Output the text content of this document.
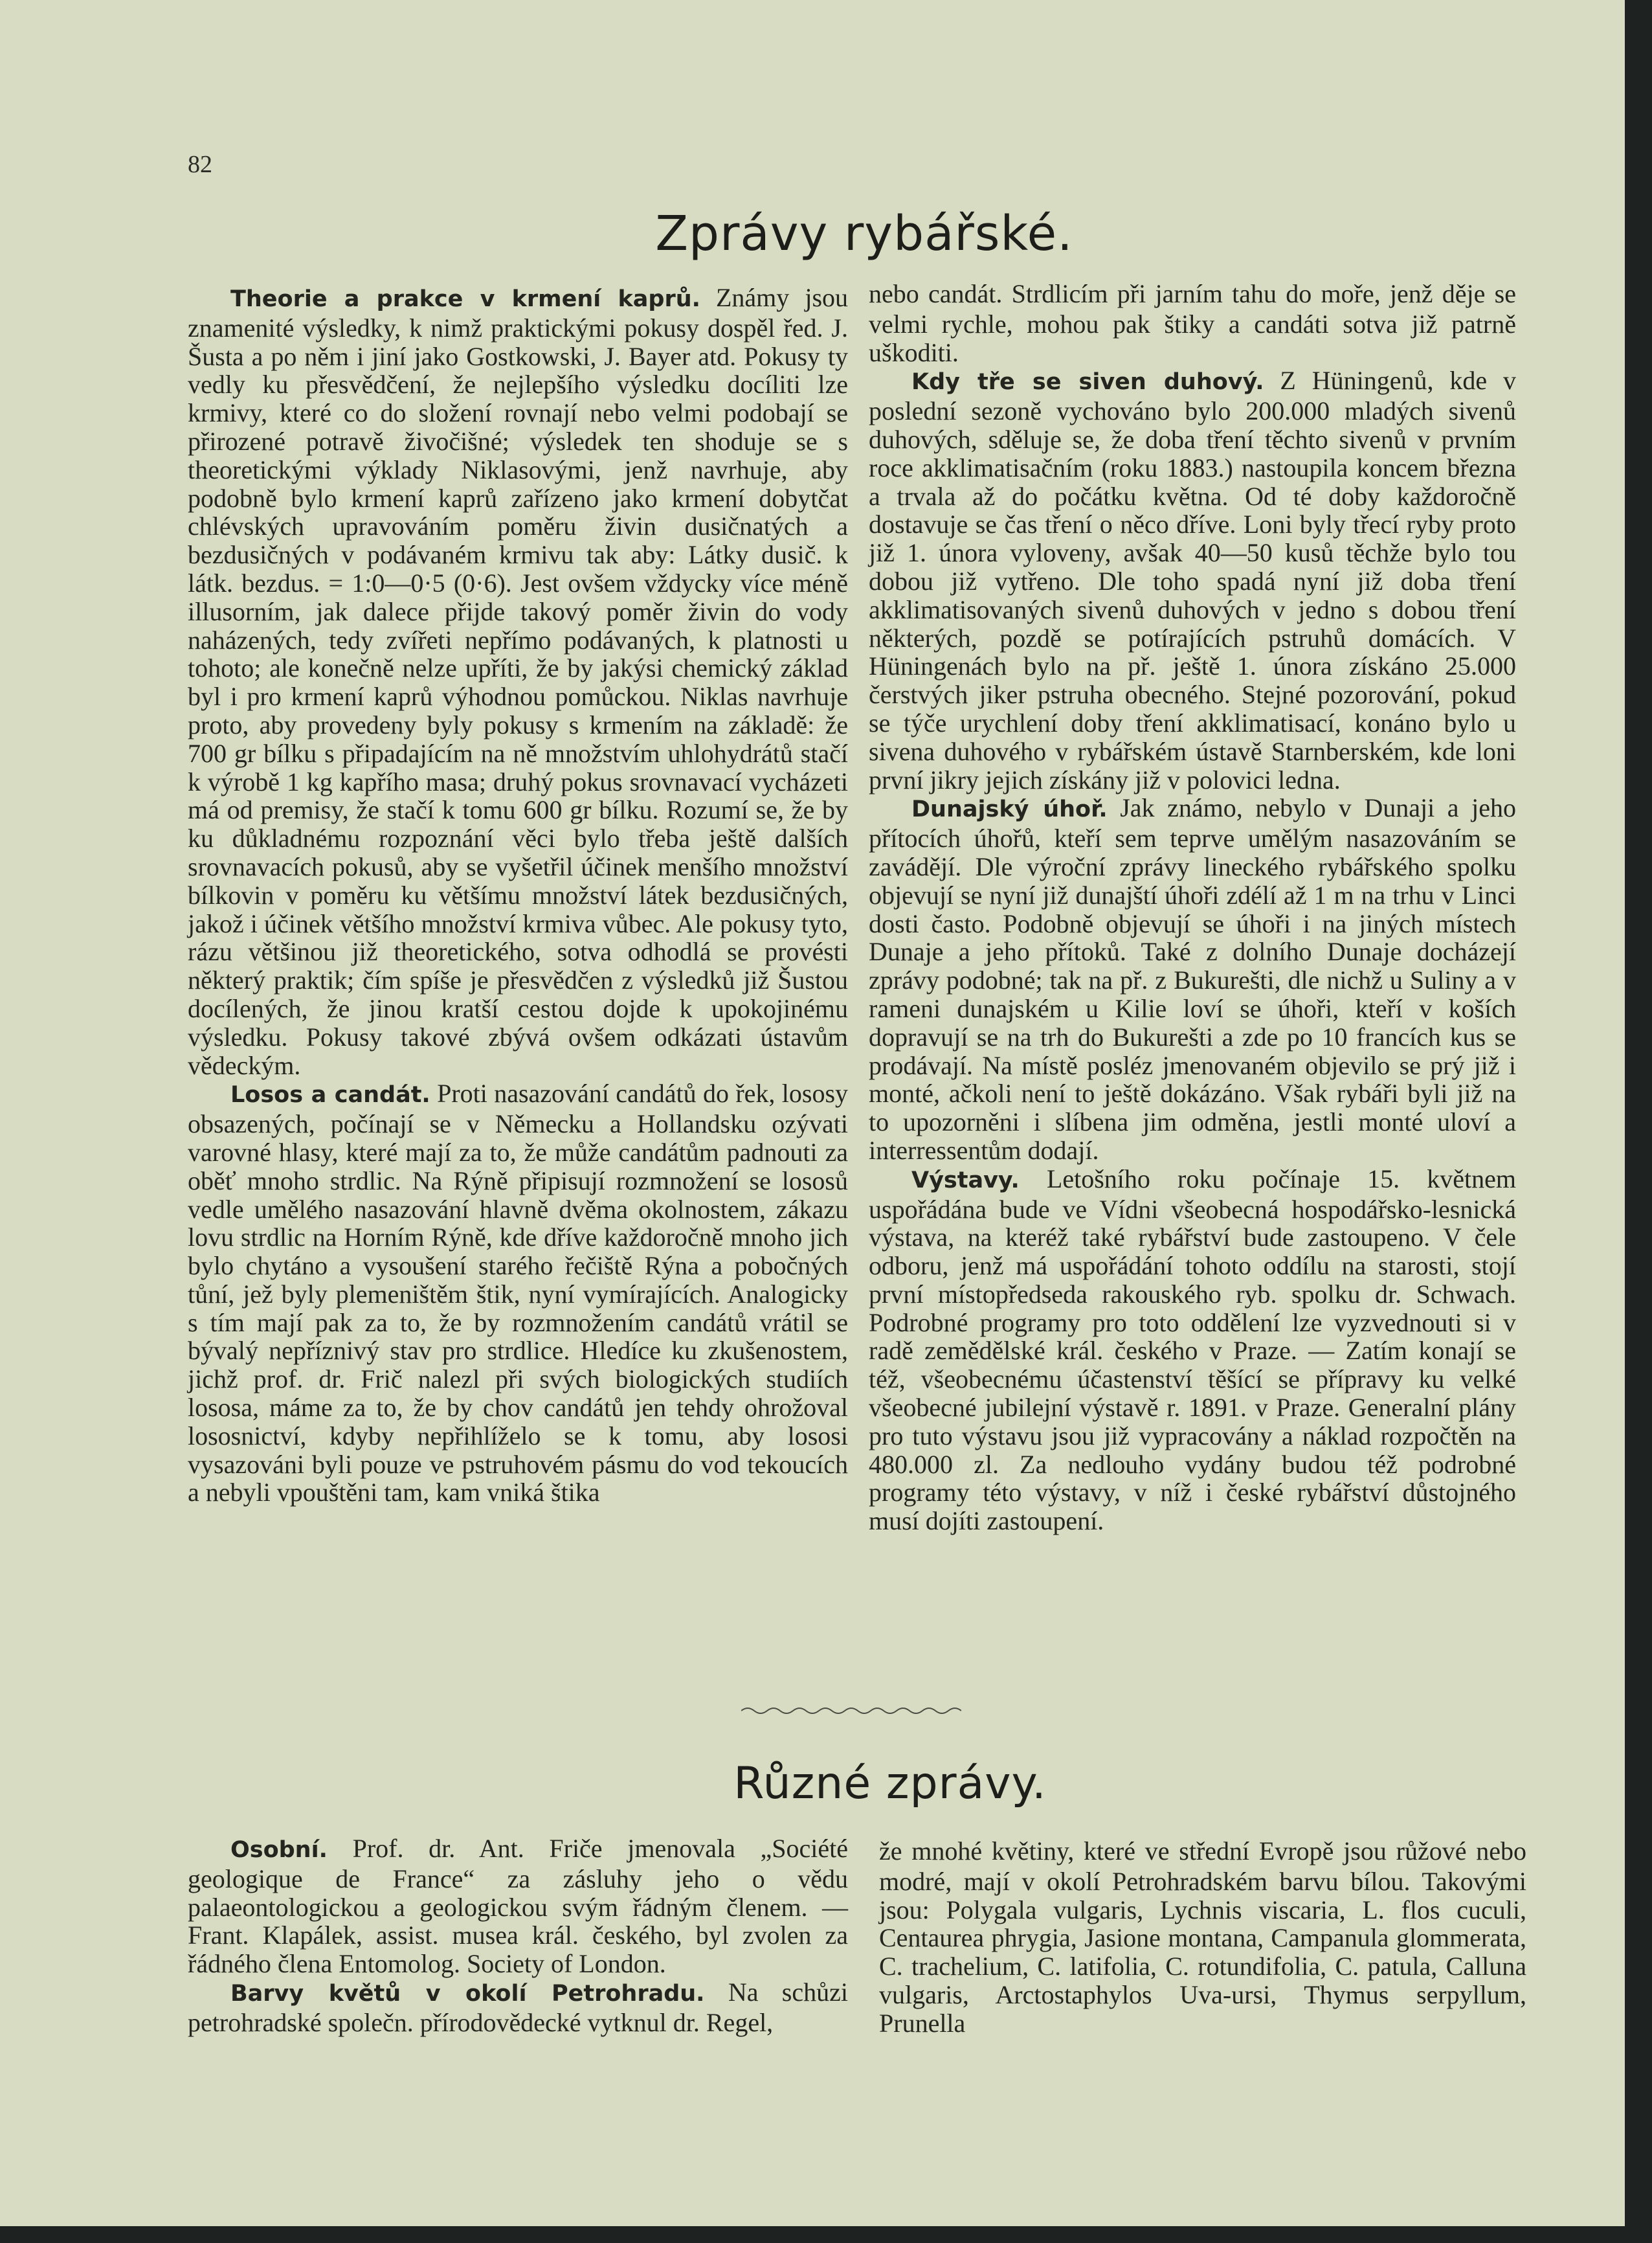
82
Zprávy rybářské.

Theorie a prakce v krmení kaprů. Známy jsou znamenité výsledky, k nimž praktickými pokusy dospěl řed. J. Šusta a po něm i jiní jako Gostkowski, J. Bayer atd. Pokusy ty vedly ku přesvědčení, že nejlepšího výsledku docíliti lze krmivy, které co do složení rovnají nebo velmi podobají se přirozené potravě živočišné; výsledek ten shoduje se s theoretickými výklady Niklasovými, jenž navrhuje, aby podobně bylo krmení kaprů zařízeno jako krmení dobytčat chlévských upravováním poměru živin dusičnatých a bezdusičných v podávaném krmivu tak aby: Látky dusič. k látk. bezdus. = 1:0—0·5 (0·6). Jest ovšem vždycky více méně illusorním, jak dalece přijde takový poměr živin do vody naházených, tedy zvířeti nepřímo podávaných, k platnosti u tohoto; ale konečně nelze upříti, že by jakýsi chemický základ byl i pro krmení kaprů výhodnou pomůckou. Niklas navrhuje proto, aby provedeny byly pokusy s krmením na základě: že 700 gr bílku s připadajícím na ně množstvím uhlohydrátů stačí k výrobě 1 kg kapřího masa; druhý pokus srovnavací vycházeti má od premisy, že stačí k tomu 600 gr bílku. Rozumí se, že by ku důkladnému rozpoznání věci bylo třeba ještě dalších srovnavacích pokusů, aby se vyšetřil účinek menšího množství bílkovin v poměru ku většímu množství látek bezdusičných, jakož i účinek většího množství krmiva vůbec. Ale pokusy tyto, rázu většinou již theoretického, sotva odhodlá se provésti některý praktik; čím spíše je přesvědčen z výsledků již Šustou docílených, že jinou kratší cestou dojde k upokojinému výsledku. Pokusy takové zbývá ovšem odkázati ústavům vědeckým.

Losos a candát. Proti nasazování candátů do řek, lososy obsazených, počínají se v Německu a Hollandsku ozývati varovné hlasy, které mají za to, že může candátům padnouti za oběť mnoho strdlic. Na Rýně připisují rozmnožení se lososů vedle umělého nasazování hlavně dvěma okolnostem, zákazu lovu strdlic na Horním Rýně, kde dříve každoročně mnoho jich bylo chytáno a vysoušení starého řečiště Rýna a pobočných tůní, jež byly plemeništěm štik, nyní vymírajících. Analogicky s tím mají pak za to, že by rozmnožením candátů vrátil se bývalý nepříznivý stav pro strdlice. Hledíce ku zkušenostem, jichž prof. dr. Frič nalezl při svých biologických studiích lososa, máme za to, že by chov candátů jen tehdy ohrožoval lososnictví, kdyby nepřihlíželo se k tomu, aby lososi vysazováni byli pouze ve pstruhovém pásmu do vod tekoucích a nebyli vpouštěni tam, kam vniká štika

nebo candát. Strdlicím při jarním tahu do moře, jenž děje se velmi rychle, mohou pak štiky a candáti sotva již patrně uškoditi.

Kdy tře se siven duhový. Z Hüningenů, kde v poslední sezoně vychováno bylo 200.000 mladých sivenů duhových, sděluje se, že doba tření těchto sivenů v prvním roce akklimatisačním (roku 1883.) nastoupila koncem března a trvala až do počátku května. Od té doby každoročně dostavuje se čas tření o něco dříve. Loni byly třecí ryby proto již 1. února vyloveny, avšak 40—50 kusů těchže bylo tou dobou již vytřeno. Dle toho spadá nyní již doba tření akklimatisovaných sivenů duhových v jedno s dobou tření některých, pozdě se potírajících pstruhů domácích. V Hüningenách bylo na př. ještě 1. února získáno 25.000 čerstvých jiker pstruha obecného. Stejné pozorování, pokud se týče urychlení doby tření akklimatisací, konáno bylo u sivena duhového v rybářském ústavě Starnberském, kde loni první jikry jejich získány již v polovici ledna.

Dunajský úhoř. Jak známo, nebylo v Dunaji a jeho přítocích úhořů, kteří sem teprve umělým nasazováním se zavádějí. Dle výroční zprávy lineckého rybářského spolku objevují se nyní již dunajští úhoři zdélí až 1 m na trhu v Linci dosti často. Podobně objevují se úhoři i na jiných místech Dunaje a jeho přítoků. Také z dolního Dunaje docházejí zprávy podobné; tak na př. z Bukurešti, dle nichž u Suliny a v rameni dunajském u Kilie loví se úhoři, kteří v koších dopravují se na trh do Bukurešti a zde po 10 francích kus se prodávají. Na místě posléz jmenovaném objevilo se prý již i monté, ačkoli není to ještě dokázáno. Však rybáři byli již na to upozorněni i slíbena jim odměna, jestli monté uloví a interressentům dodají.

Výstavy. Letošního roku počínaje 15. květnem uspořádána bude ve Vídni všeobecná hospodářsko-lesnická výstava, na kteréž také rybářství bude zastoupeno. V čele odboru, jenž má uspořádání tohoto oddílu na starosti, stojí první místopředseda rakouského ryb. spolku dr. Schwach. Podrobné programy pro toto oddělení lze vyzvednouti si v radě zemědělské král. českého v Praze. — Zatím konají se též, všeobecnému účastenství těšící se přípravy ku velké všeobecné jubilejní výstavě r. 1891. v Praze. Generalní plány pro tuto výstavu jsou již vypracovány a náklad rozpočtěn na 480.000 zl. Za nedlouho vydány budou též podrobné programy této výstavy, v níž i české rybářství důstojného musí dojíti zastoupení.

Různé zprávy.

Osobní. Prof. dr. Ant. Friče jmenovala „Société geologique de France“ za zásluhy jeho o vědu palaeontologickou a geologickou svým řádným členem. — Frant. Klapálek, assist. musea král. českého, byl zvolen za řádného člena Entomolog. Society of London.

Barvy květů v okolí Petrohradu. Na schůzi petrohradské společn. přírodovědecké vytknul dr. Regel,

že mnohé květiny, které ve střední Evropě jsou růžové nebo modré, mají v okolí Petrohradském barvu bílou. Takovými jsou: Polygala vulgaris, Lychnis viscaria, L. flos cuculi, Centaurea phrygia, Jasione montana, Campanula glommerata, C. trachelium, C. latifolia, C. rotundifolia, C. patula, Calluna vulgaris, Arctostaphylos Uva-ursi, Thymus serpyllum, Prunella
